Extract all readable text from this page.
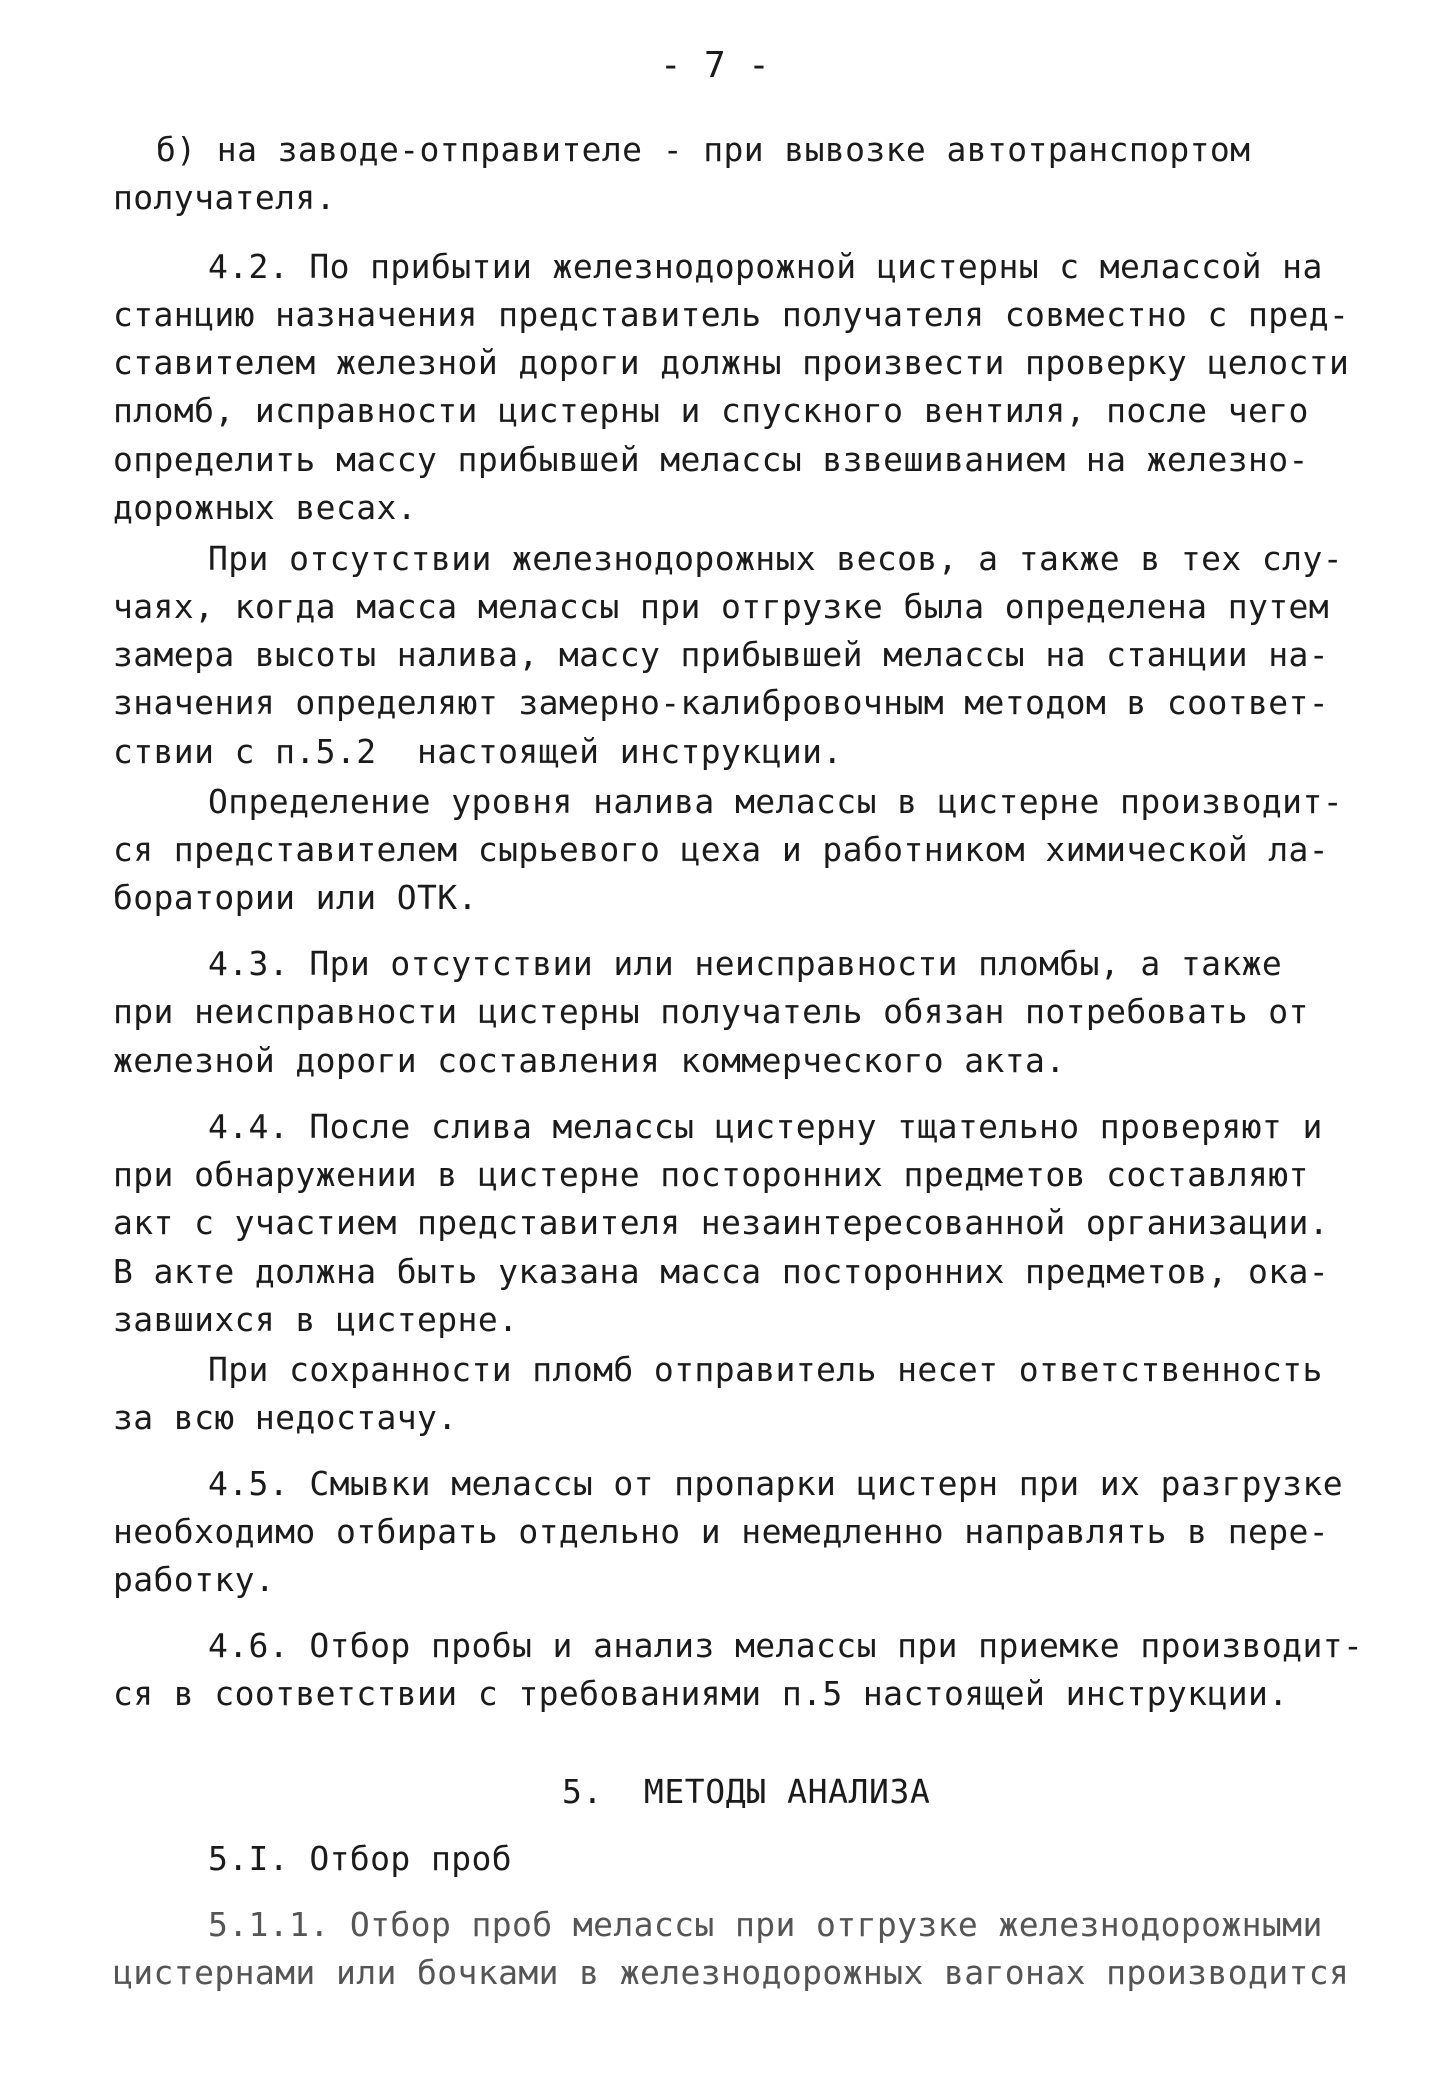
- 7 -
б) на заводе-отправителе - при вывозке автотранспортом
получателя.
4.2. По прибытии железнодорожной цистерны с мелассой на
станцию назначения представитель получателя совместно с пред-
ставителем железной дороги должны произвести проверку целости
пломб, исправности цистерны и спускного вентиля, после чего
определить массу прибывшей мелассы взвешиванием на железно-
дорожных весах.
При отсутствии железнодорожных весов, а также в тех слу-
чаях, когда масса мелассы при отгрузке была определена путем
замера высоты налива, массу прибывшей мелассы на станции на-
значения определяют замерно-калибровочным методом в соответ-
ствии с п.5.2  настоящей инструкции.
Определение уровня налива мелассы в цистерне производит-
ся представителем сырьевого цеха и работником химической ла-
боратории или ОТК.
4.3. При отсутствии или неисправности пломбы, а также
при неисправности цистерны получатель обязан потребовать от
железной дороги составления коммерческого акта.
4.4. После слива мелассы цистерну тщательно проверяют и
при обнаружении в цистерне посторонних предметов составляют
акт с участием представителя незаинтересованной организации.
В акте должна быть указана масса посторонних предметов, ока-
завшихся в цистерне.
При сохранности пломб отправитель несет ответственность
за всю недостачу.
4.5. Смывки мелассы от пропарки цистерн при их разгрузке
необходимо отбирать отдельно и немедленно направлять в пере-
работку.
4.6. Отбор пробы и анализ мелассы при приемке производит-
ся в соответствии с требованиями п.5 настоящей инструкции.
5.  МЕТОДЫ АНАЛИЗА
5.I. Отбор проб
5.1.1. Отбор проб мелассы при отгрузке железнодорожными
цистернами или бочками в железнодорожных вагонах производится
